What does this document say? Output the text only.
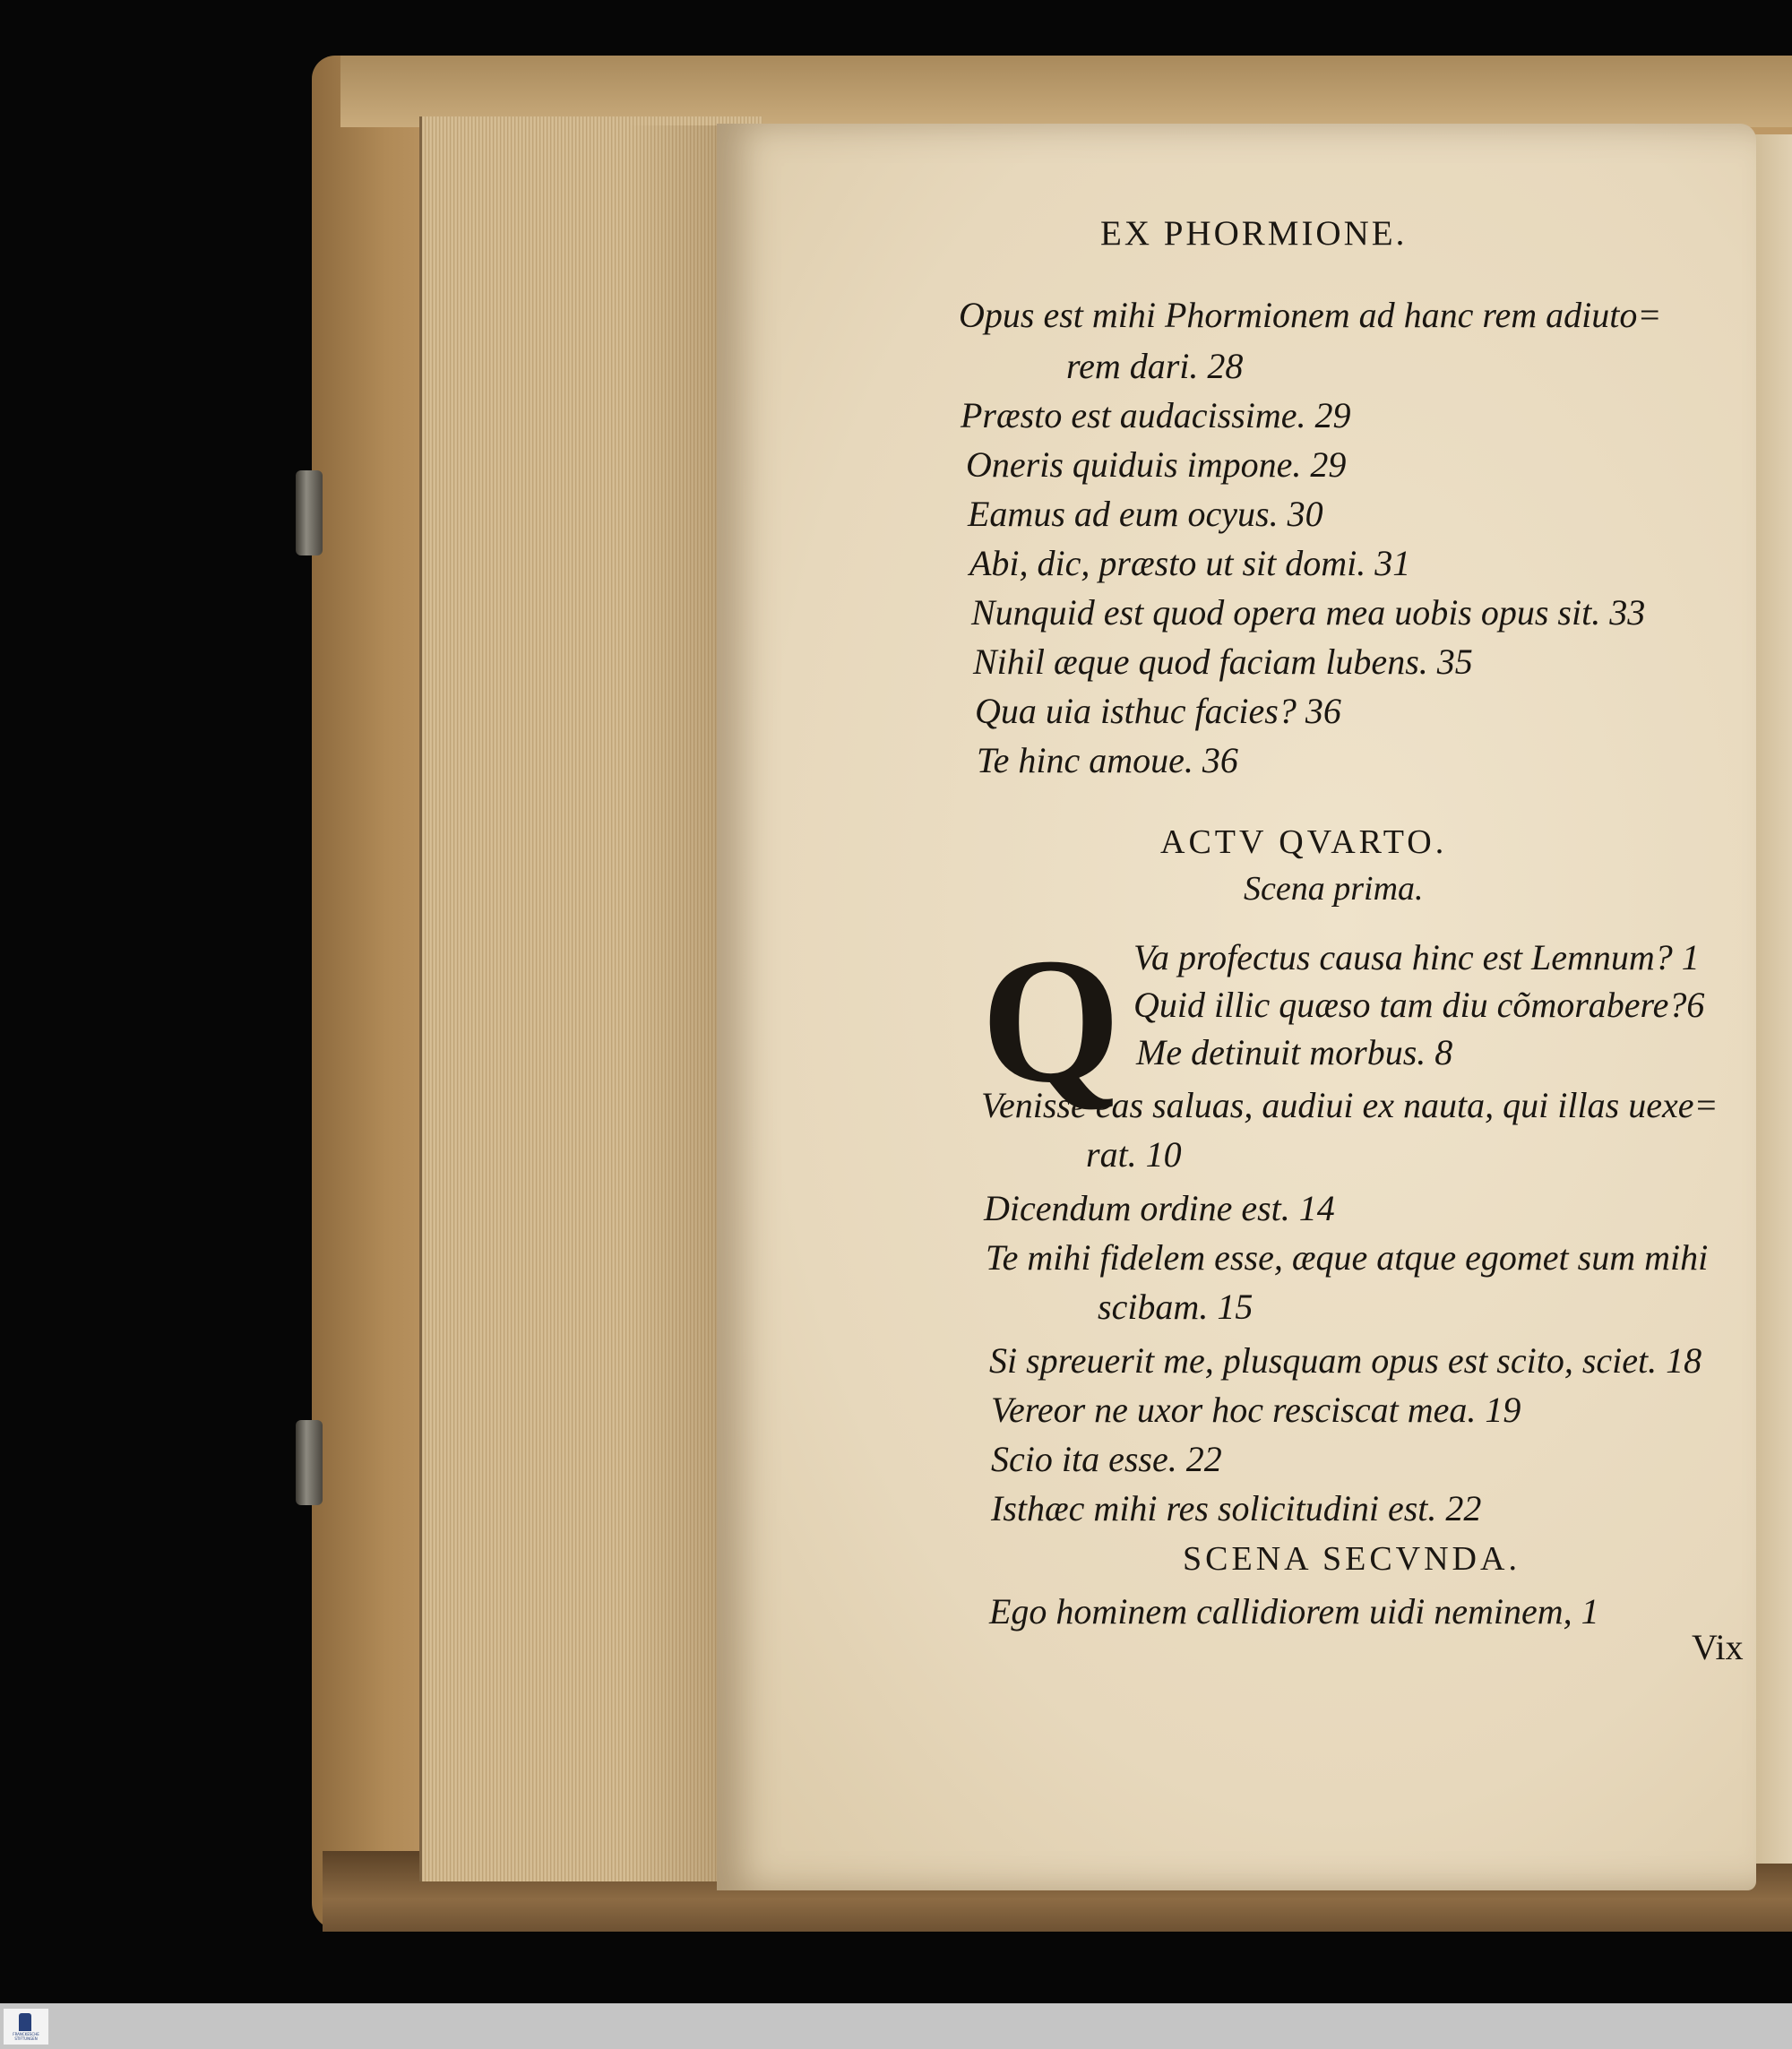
EX PHORMIONE.
Opus est mihi Phormionem ad hanc rem adiuto=
rem dari. 28
Præsto est audacissime. 29
Oneris quiduis impone. 29
Eamus ad eum ocyus. 30
Abi, dic, præsto ut sit domi. 31
Nunquid est quod opera mea uobis opus sit. 33
Nihil æque quod faciam lubens. 35
Qua uia isthuc facies? 36
Te hinc amoue. 36
ACTV QVARTO.
Scena prima.
Q Va profectus causa hinc est Lemnum? 1
Quid illic quæso tam diu cõmorabere?6
Me detinuit morbus. 8
Venisse eas saluas, audiui ex nauta, qui illas uexe=
rat. 10
Dicendum ordine est. 14
Te mihi fidelem esse, æque atque egomet sum mihi
scibam. 15
Si spreuerit me, plusquam opus est scito, sciet. 18
Vereor ne uxor hoc resciscat mea. 19
Scio ita esse. 22
Isthæc mihi res solicitudini est. 22
SCENA SECVNDA.
Ego hominem callidiorem uidi neminem, 1
Vix
FRANCKESCHE STIFTUNGEN
